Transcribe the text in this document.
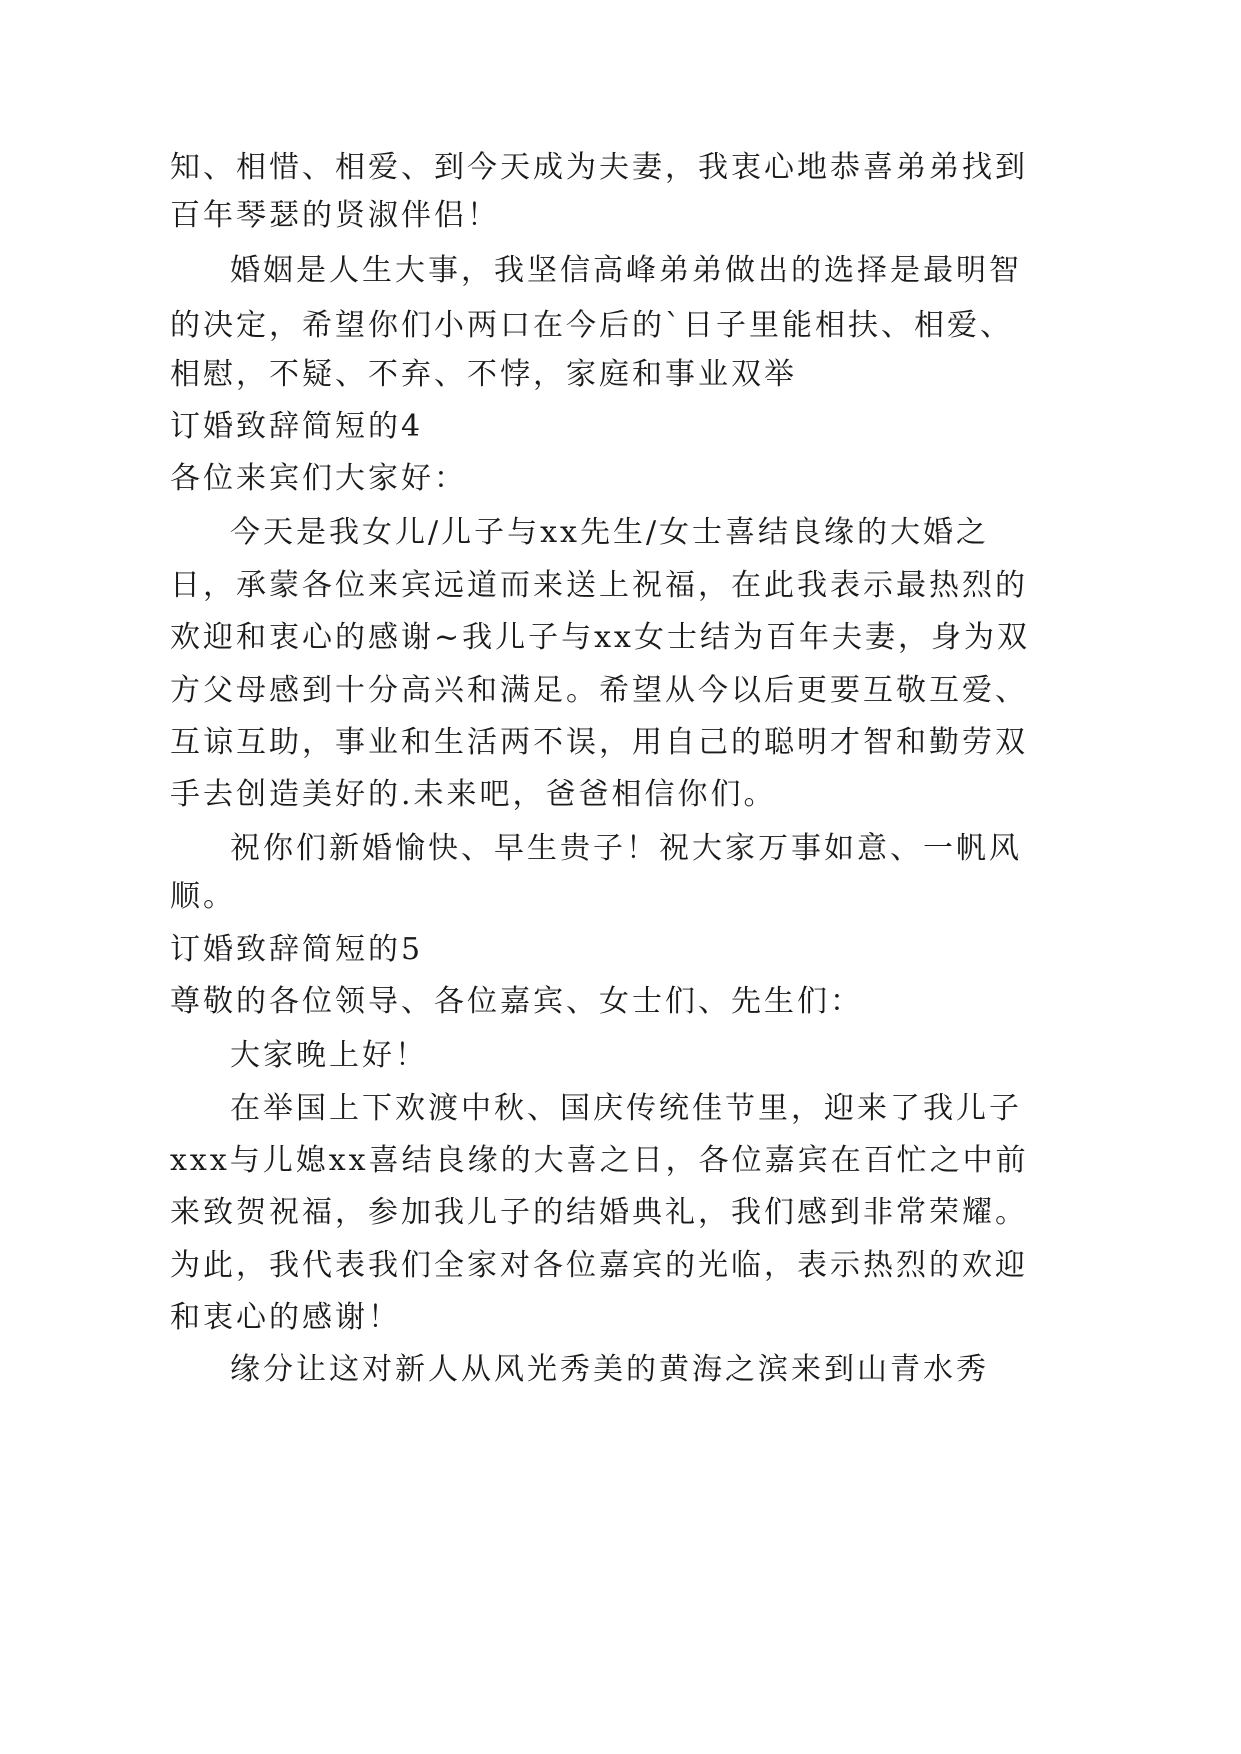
知、相惜、相爱、到今天成为夫妻，我衷心地恭喜弟弟找到
百年琴瑟的贤淑伴侣！
婚姻是人生大事，我坚信高峰弟弟做出的选择是最明智
的决定，希望你们小两口在今后的`日子里能相扶、相爱、
相慰，不疑、不弃、不悖，家庭和事业双举
订婚致辞简短的4
各位来宾们大家好：
今天是我女儿/儿子与xx先生/女士喜结良缘的大婚之
日，承蒙各位来宾远道而来送上祝福，在此我表示最热烈的
欢迎和衷心的感谢~我儿子与xx女士结为百年夫妻，身为双
方父母感到十分高兴和满足。希望从今以后更要互敬互爱、
互谅互助，事业和生活两不误，用自己的聪明才智和勤劳双
手去创造美好的.未来吧，爸爸相信你们。
祝你们新婚愉快、早生贵子！祝大家万事如意、一帆风
顺。
订婚致辞简短的5
尊敬的各位领导、各位嘉宾、女士们、先生们：
大家晚上好！
在举国上下欢渡中秋、国庆传统佳节里，迎来了我儿子
xxx与儿媳xx喜结良缘的大喜之日，各位嘉宾在百忙之中前
来致贺祝福，参加我儿子的结婚典礼，我们感到非常荣耀。
为此，我代表我们全家对各位嘉宾的光临，表示热烈的欢迎
和衷心的感谢！
缘分让这对新人从风光秀美的黄海之滨来到山青水秀
